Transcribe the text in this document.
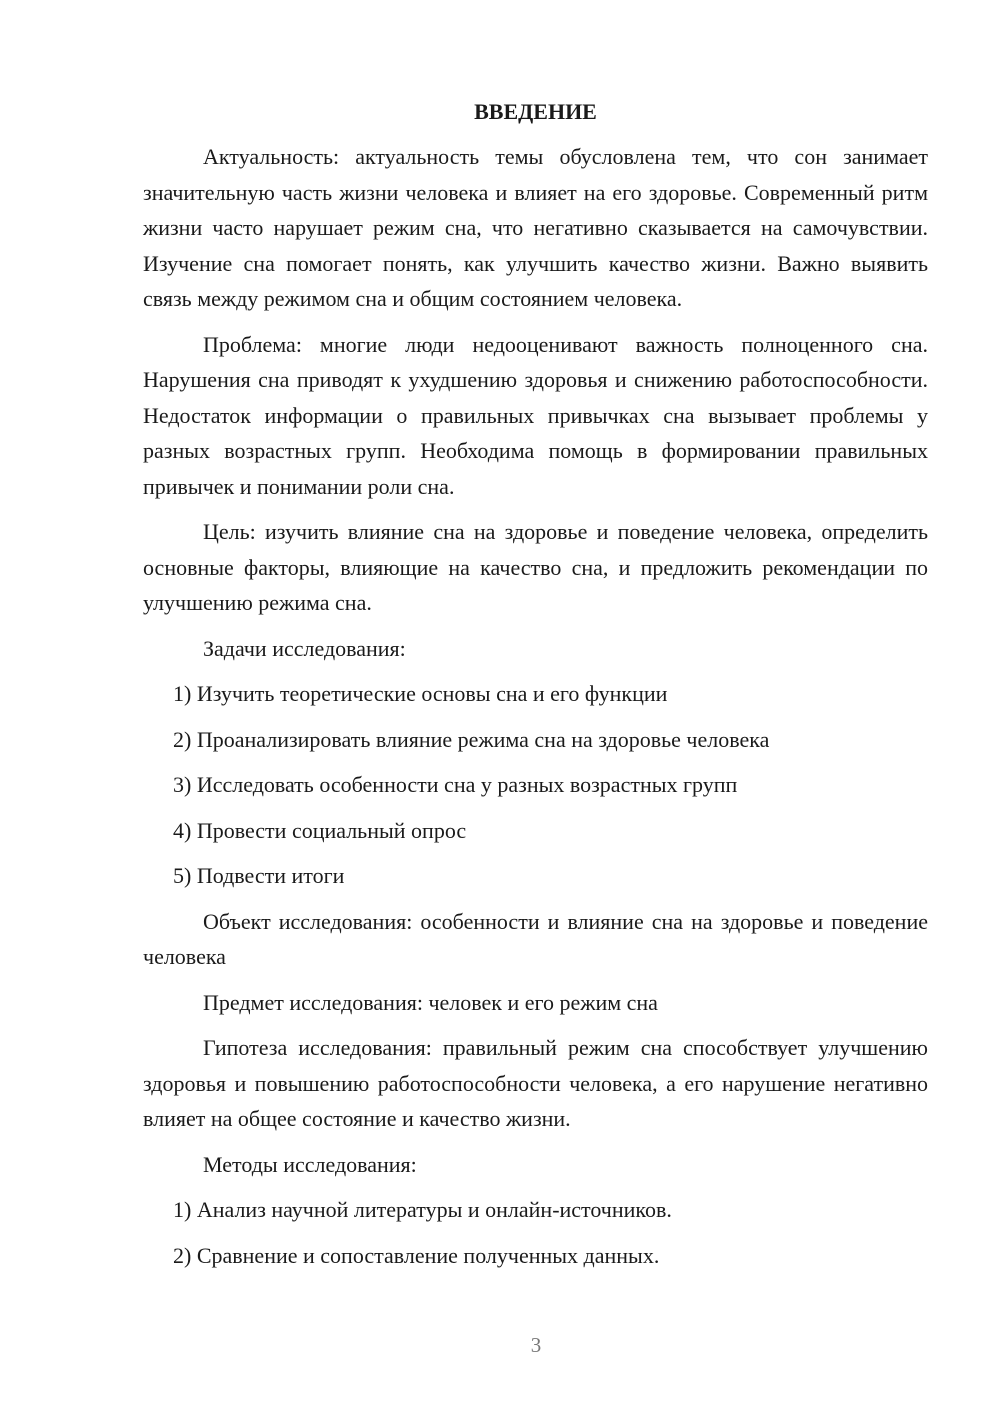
ВВЕДЕНИЕ

Актуальность: актуальность темы обусловлена тем, что сон занимает значительную часть жизни человека и влияет на его здоровье. Современный ритм жизни часто нарушает режим сна, что негативно сказывается на самочувствии. Изучение сна помогает понять, как улучшить качество жизни. Важно выявить связь между режимом сна и общим состоянием человека.

Проблема: многие люди недооценивают важность полноценного сна. Нарушения сна приводят к ухудшению здоровья и снижению работоспособности. Недостаток информации о правильных привычках сна вызывает проблемы у разных возрастных групп. Необходима помощь в формировании правильных привычек и понимании роли сна.

Цель: изучить влияние сна на здоровье и поведение человека, определить основные факторы, влияющие на качество сна, и предложить рекомендации по улучшению режима сна.

Задачи исследования:
1) Изучить теоретические основы сна и его функции
2) Проанализировать влияние режима сна на здоровье человека
3) Исследовать особенности сна у разных возрастных групп
4) Провести социальный опрос
5) Подвести итоги

Объект исследования: особенности и влияние сна на здоровье и поведение человека

Предмет исследования: человек и его режим сна

Гипотеза исследования: правильный режим сна способствует улучшению здоровья и повышению работоспособности человека, а его нарушение негативно влияет на общее состояние и качество жизни.

Методы исследования:
1) Анализ научной литературы и онлайн-источников.
2) Сравнение и сопоставление полученных данных.
3
